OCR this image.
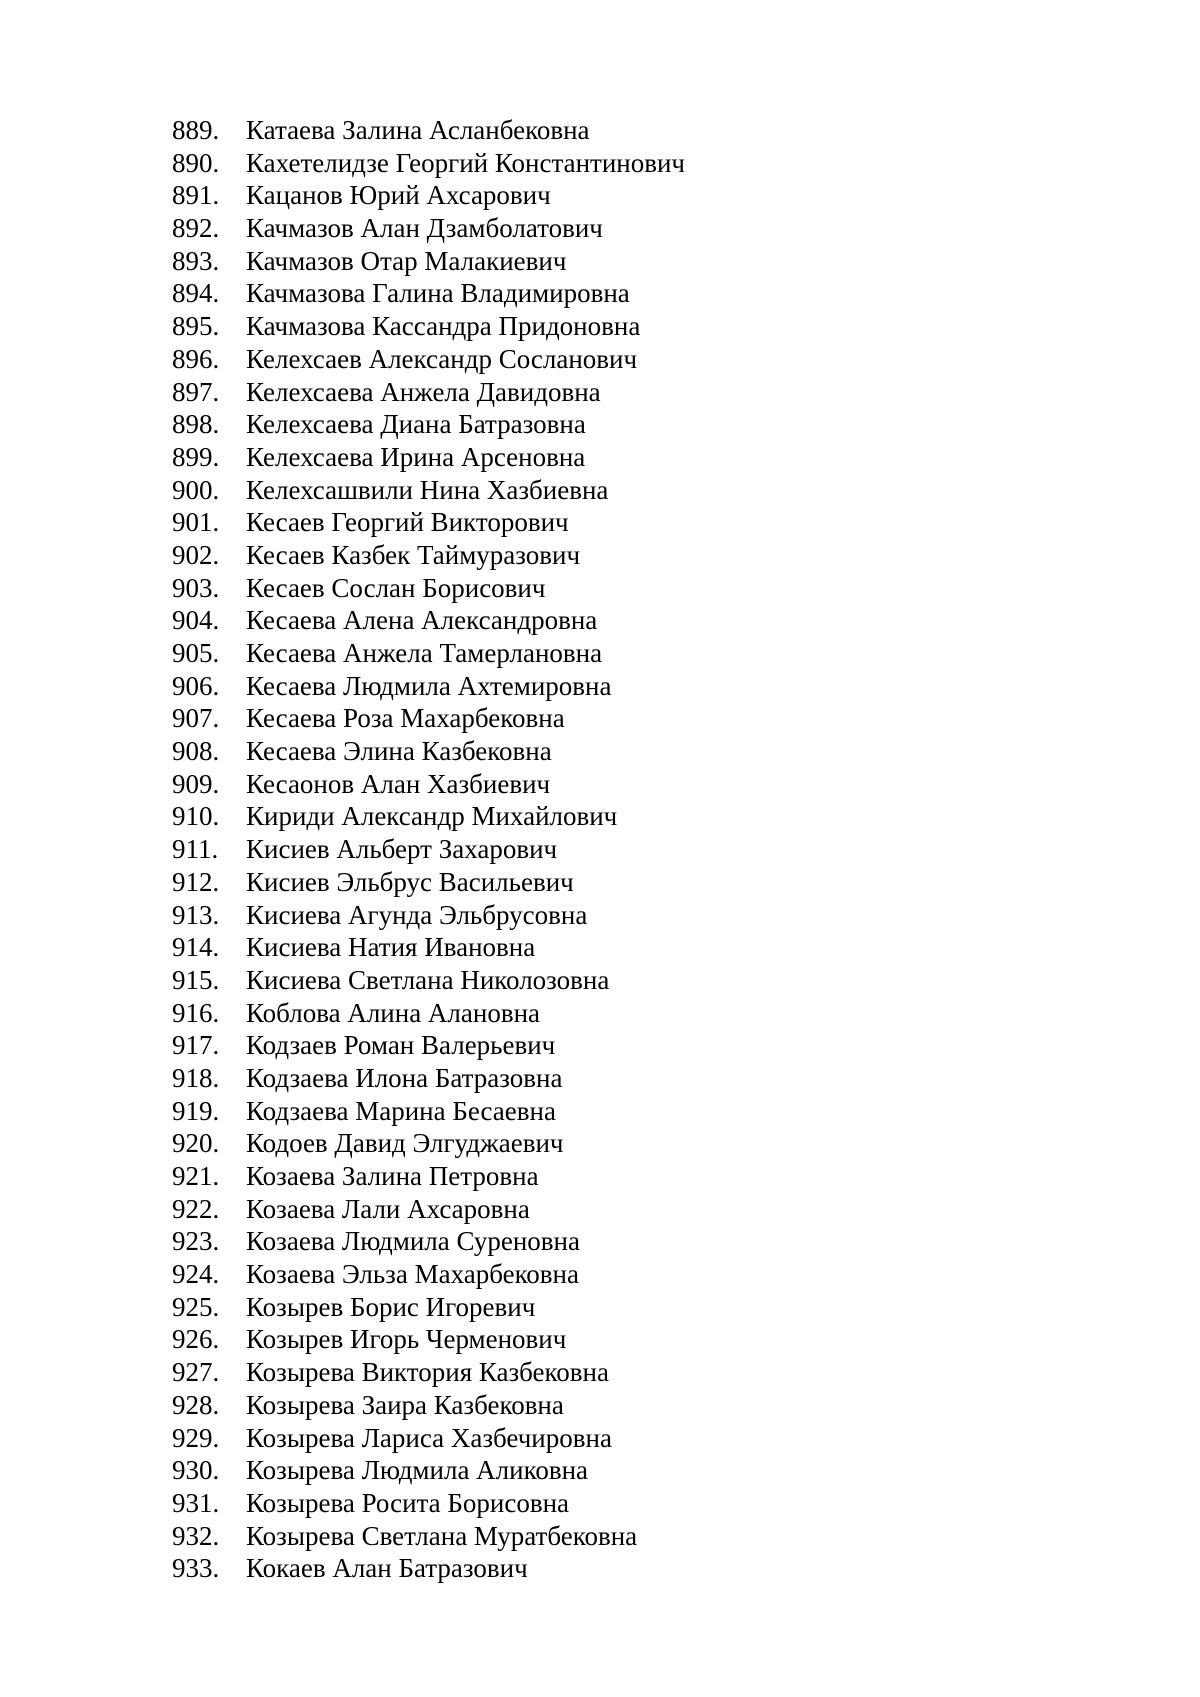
889. Катаева Залина Асланбековна
890. Кахетелидзе Георгий Константинович
891. Кацанов Юрий Ахсарович
892. Качмазов Алан Дзамболатович
893. Качмазов Отар Малакиевич
894. Качмазова Галина Владимировна
895. Качмазова Кассандра Придоновна
896. Келехсаев Александр Сосланович
897. Келехсаева Анжела Давидовна
898. Келехсаева Диана Батразовна
899. Келехсаева Ирина Арсеновна
900. Келехсашвили Нина Хазбиевна
901. Кесаев Георгий Викторович
902. Кесаев Казбек Таймуразович
903. Кесаев Сослан Борисович
904. Кесаева Алена Александровна
905. Кесаева Анжела Тамерлановна
906. Кесаева Людмила Ахтемировна
907. Кесаева Роза Махарбековна
908. Кесаева Элина Казбековна
909. Кесаонов Алан Хазбиевич
910. Кириди Александр Михайлович
911.	Кисиев Альберт Захарович
912. Кисиев Эльбрус Васильевич
913. Кисиева Агунда Эльбрусовна
914. Кисиева Натия Ивановна
915. Кисиева Светлана Николозовна
916. Коблова Алина Алановна
917. Кодзаев Роман Валерьевич
918. Кодзаева Илона Батразовна
919. Кодзаева Марина Бесаевна
920. Кодоев Давид Элгуджаевич
921. Козаева Залина Петровна
922. Козаева Лали Ахсаровна
923. Козаева Людмила Суреновна
924. Козаева Эльза Махарбековна
925. Козырев Борис Игоревич
926. Козырев Игорь Черменович
927. Козырева Виктория Казбековна
928. Козырева Заира Казбековна
929. Козырева Лариса Хазбечировна
930. Козырева Людмила Аликовна
931. Козырева Росита Борисовна
932. Козырева Светлана Муратбековна
933. Кокаев Алан Батразович
